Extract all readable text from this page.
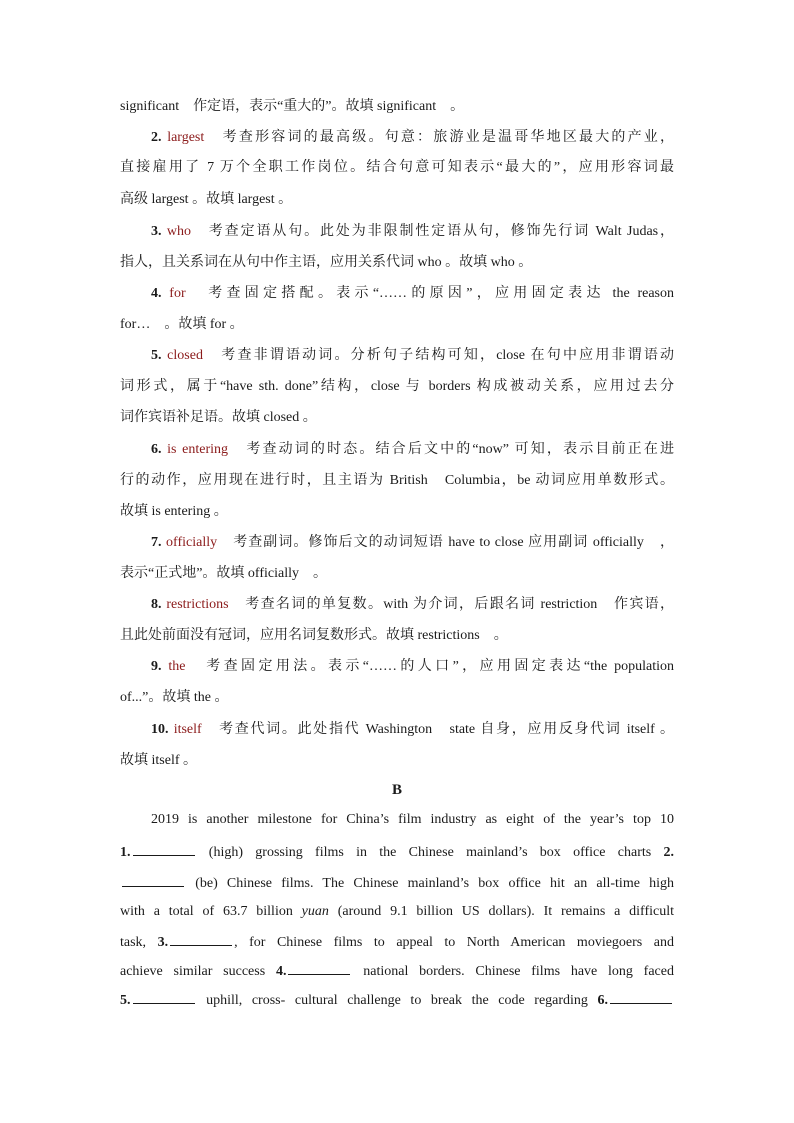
significant　作定语，表示“重大的”。故填 significant　。
2. largest　考查形容词的最高级。句意：旅游业是温哥华地区最大的产业，
直接雇用了 7 万个全职工作岗位。结合句意可知表示“最大的”，应用形容词最
高级 largest 。故填 largest 。
3. who　考查定语从句。此处为非限制性定语从句，修饰先行词 Walt Judas，
指人，且关系词在从句中作主语，应用关系代词 who 。故填 who 。
4. for　考查固定搭配。表示“……的原因”，应用固定表达 the reason
for…　。故填 for 。
5. closed　考查非谓语动词。分析句子结构可知，close 在句中应用非谓语动
词形式，属于“have sth. done”结构，close 与 borders 构成被动关系，应用过去分
词作宾语补足语。故填 closed 。
6. is entering　考查动词的时态。结合后文中的“now” 可知，表示目前正在进
行的动作，应用现在进行时，且主语为 British　Columbia，be 动词应用单数形式。
故填 is entering 。
7. officially　考查副词。修饰后文的动词短语 have to close 应用副词 officially　，
表示“正式地”。故填 officially　。
8. restrictions　考查名词的单复数。with 为介词，后跟名词 restriction　作宾语，
且此处前面没有冠词，应用名词复数形式。故填 restrictions　。
9. the　考查固定用法。表示“……的人口”，应用固定表达“the population
of...”。故填 the 。
10. itself　考查代词。此处指代 Washington　state 自身，应用反身代词 itself 。
故填 itself 。
B
2019 is another milestone for China’s film industry as eight of the year’s top 10
1.	(high) grossing films in the Chinese mainland’s box office charts 2.
(be) Chinese films. The Chinese mainland’s box office hit an all-time high
with a total of 63.7 billion yuan (around 9.1 billion US dollars). It remains a difficult
task, 3.	, for Chinese films to appeal to North American moviegoers and
achieve similar success 4.	national borders. Chinese films have long faced
5.	uphill, cross- cultural challenge to break the code regarding 6.
